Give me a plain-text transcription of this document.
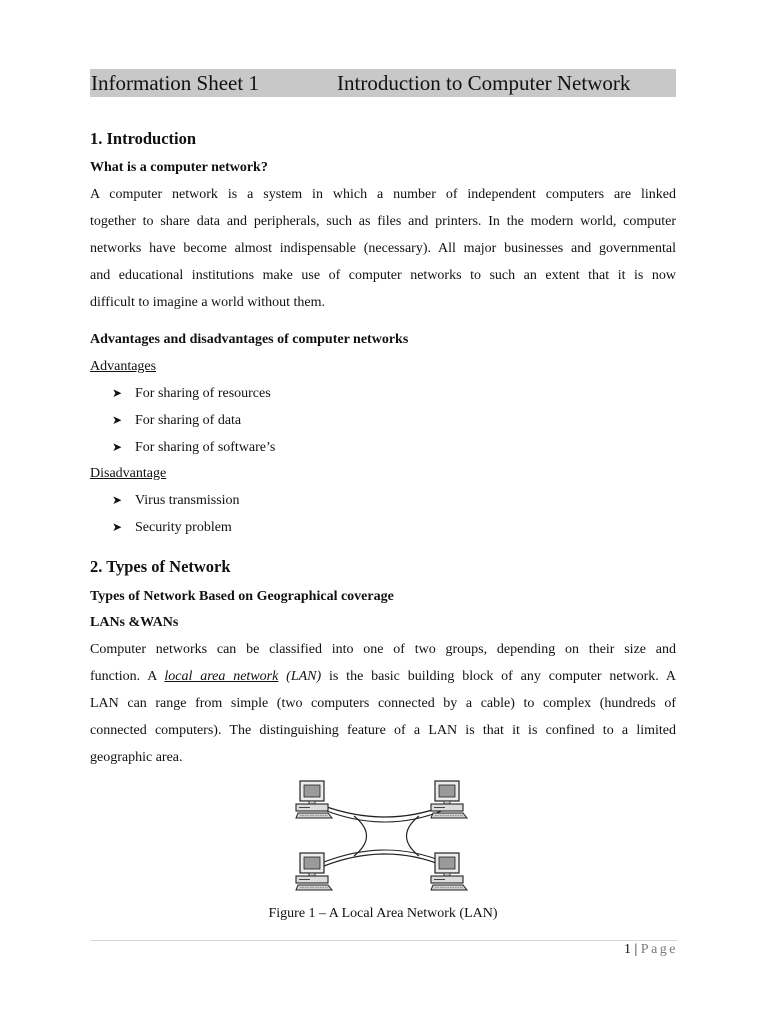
Information Sheet 1	Introduction to Computer Network
1. Introduction
What is a computer network?
A computer network is a system in which a number of independent computers are linked
together to share data and peripherals, such as files and printers. In the modern world, computer
networks have become almost indispensable (necessary). All major businesses and governmental
and educational institutions make use of computer networks to such an extent that it is now
difficult to imagine a world without them.
Advantages and disadvantages of computer networks
Advantages
➤ For sharing of resources
➤ For sharing of data
➤ For sharing of software’s
Disadvantage
➤ Virus transmission
➤ Security problem
2. Types of Network
Types of Network Based on Geographical coverage
LANs &WANs
Computer networks can be classified into one of two groups, depending on their size and
function. A local area network (LAN) is the basic building block of any computer network. A
LAN can range from simple (two computers connected by a cable) to complex (hundreds of
connected computers). The distinguishing feature of a LAN is that it is confined to a limited
geographic area.
Figure 1 – A Local Area Network (LAN)
1 | Page
